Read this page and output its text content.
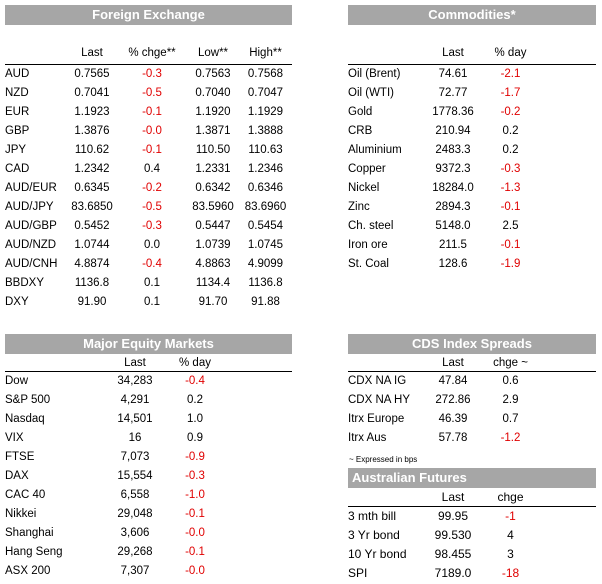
Foreign Exchange
	Last	% chge**	Low**	High**
AUD	0.7565	-0.3	0.7563	0.7568
NZD	0.7041	-0.5	0.7040	0.7047
EUR	1.1923	-0.1	1.1920	1.1929
GBP	1.3876	-0.0	1.3871	1.3888
JPY	110.62	-0.1	110.50	110.63
CAD	1.2342	0.4	1.2331	1.2346
AUD/EUR	0.6345	-0.2	0.6342	0.6346
AUD/JPY	83.6850	-0.5	83.5960	83.6960
AUD/GBP	0.5452	-0.3	0.5447	0.5454
AUD/NZD	1.0744	0.0	1.0739	1.0745
AUD/CNH	4.8874	-0.4	4.8863	4.9099
BBDXY	1136.8	0.1	1134.4	1136.8
DXY	91.90	0.1	91.70	91.88
Commodities*
	Last	% day
Oil (Brent)	74.61	-2.1
Oil (WTI)	72.77	-1.7
Gold	1778.36	-0.2
CRB	210.94	0.2
Aluminium	2483.3	0.2
Copper	9372.3	-0.3
Nickel	18284.0	-1.3
Zinc	2894.3	-0.1
Ch. steel	5148.0	2.5
Iron ore	211.5	-0.1
St. Coal	128.6	-1.9
Major Equity Markets
	Last	% day
Dow	34,283	-0.4
S&P 500	4,291	0.2
Nasdaq	14,501	1.0
VIX	16	0.9
FTSE	7,073	-0.9
DAX	15,554	-0.3
CAC 40	6,558	-1.0
Nikkei	29,048	-0.1
Shanghai	3,606	-0.0
Hang Seng	29,268	-0.1
ASX 200	7,307	-0.0
CDS Index Spreads
	Last	chge ~
CDX NA IG	47.84	0.6
CDX NA HY	272.86	2.9
Itrx Europe	46.39	0.7
Itrx Aus	57.78	-1.2
~ Expressed in bps
Australian Futures
	Last	chge
3 mth bill	99.95	-1
3 Yr bond	99.530	4
10 Yr bond	98.455	3
SPI	7189.0	-18
